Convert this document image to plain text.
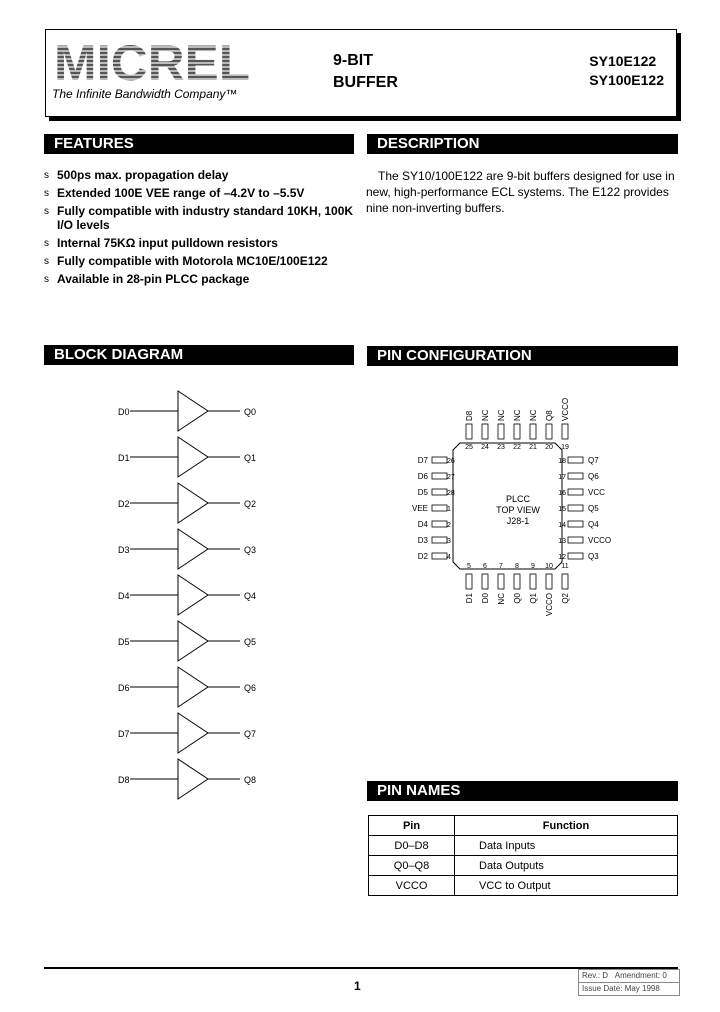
MICREL
The Infinite Bandwidth Company™
9-BIT
BUFFER
SY10E122
SY100E122
FEATURES	DESCRIPTION
BLOCK DIAGRAM	PIN CONFIGURATION
PIN NAMES
s 500ps max. propagation delay
s Extended 100E VEE range of –4.2V to –5.5V
s Fully compatible with industry standard 10KH, 100K I/O levels
s Internal 75KΩ input pulldown resistors
s Fully compatible with Motorola MC10E/100E122
s Available in 28-pin PLCC package
The SY10/100E122 are 9-bit buffers designed for use in new, high-performance ECL systems. The E122 provides nine non-inverting buffers.
D0	Q0
D1	Q1
D2	Q2
D3	Q3
D4	Q4
D5	Q5
D6	Q6
D7	Q7
D8	Q8
PLCC
TOP VIEW
J28-1
25
D8
24
NC
23
NC
22
NC
21
NC
20
Q8
19
VCCO
26
D7
27
D6
28
D5
1
VEE
2
D4
3
D3
4
D2
18	Q7
17	Q6
16	VCC
15	Q5
14	Q4
13	VCCO
12	Q3
5
D1
6
D0
7
NC
8
Q0
9
Q1
10
VCCO
11
Q2
Pin	Function
D0–D8	Data Inputs
Q0–Q8	Data Outputs
VCCO	VCC to Output
1
Rev.: D Amendment: 0
Issue Date: May 1998
